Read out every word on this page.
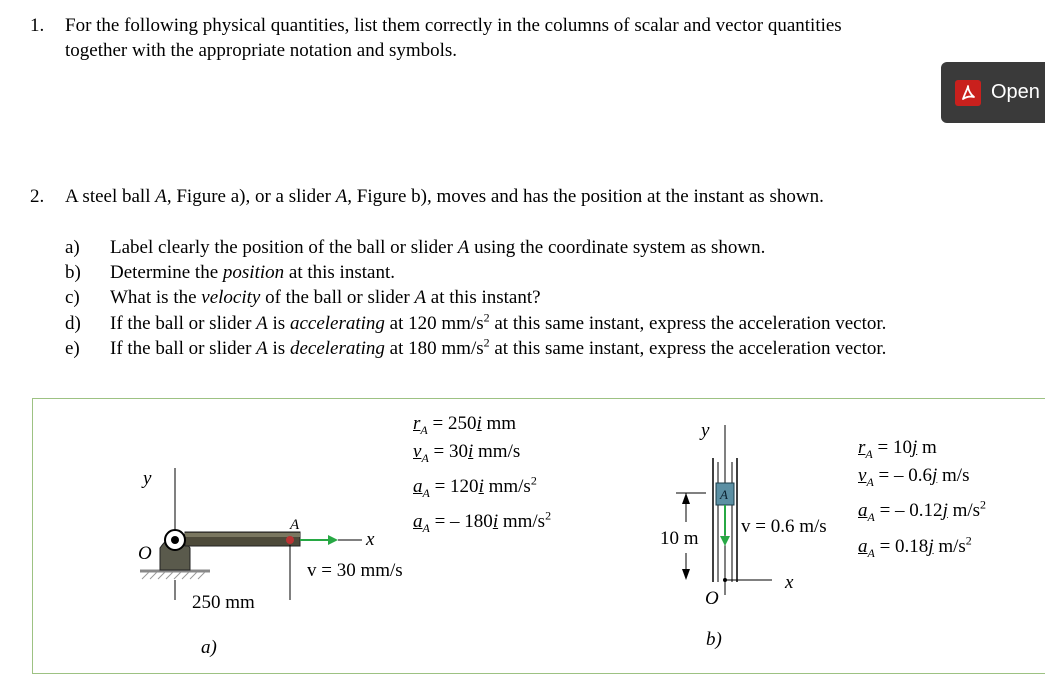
1. For the following physical quantities, list them correctly in the columns of scalar and vector quantities
together with the appropriate notation and symbols.
Open
2. A steel ball A, Figure a), or a slider A, Figure b), moves and has the position at the instant as shown.
a) Label clearly the position of the ball or slider A using the coordinate system as shown.
b) Determine the position at this instant.
c) What is the velocity of the ball or slider A at this instant?
d) If the ball or slider A is accelerating at 120 $mm/s^2$ at this same instant, express the acceleration vector.
e) If the ball or slider A is decelerating at 180 $mm/s^2$ at this same instant, express the acceleration vector.
y
O
A
x
v = 30 mm/s
250 mm
a)
$r_A = 250i$ mm
$v_A = 30i$ mm/s
$a_A = 120i$ $mm/s^2$
$a_A$ = – 180i $mm/s^2$
y
A
10 m
v = 0.6 m/s
O
x
b)
$r_A = 10j$ m
$v_A$ = – 0.6j m/s
$a_A$ = – 0.12j $m/s^2$
$a_A = 0.18j$ $m/s^2$
